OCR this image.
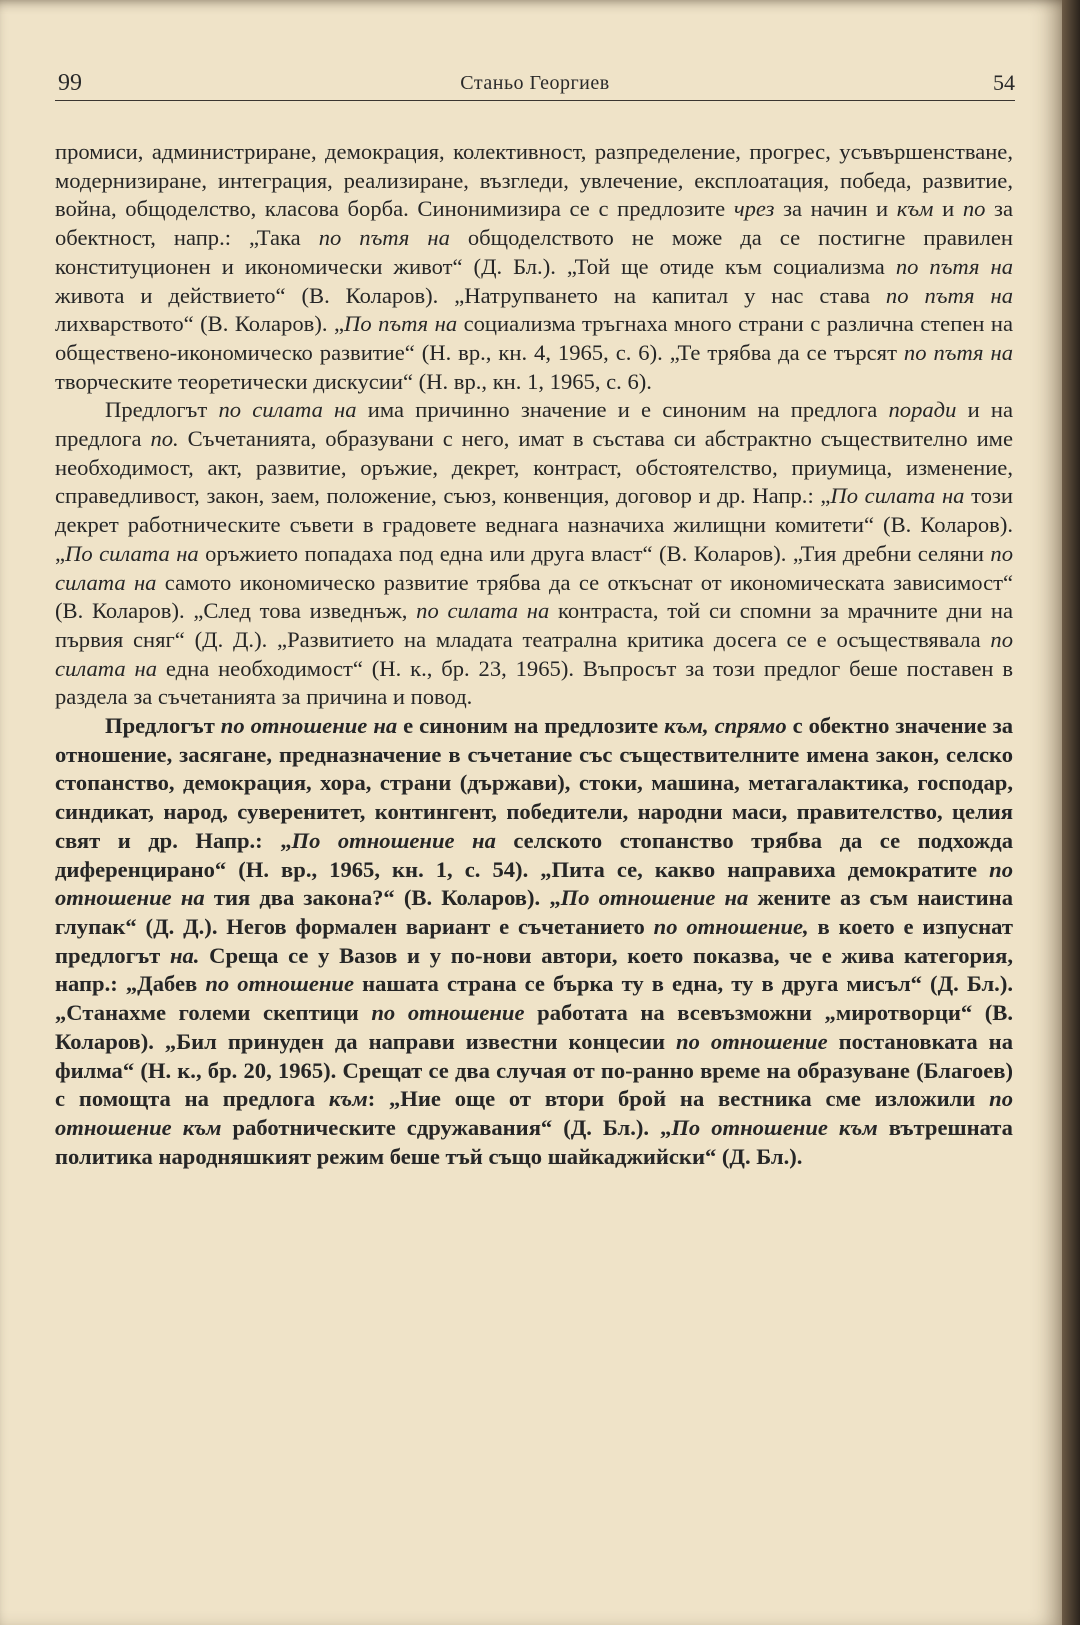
99	Станьо Георгиев	54

промиси, администриране, демокрация, колективност, разпределение, прогрес, усъвършенстване, модернизиране, интеграция, реализиране, възгледи, увлечение, експлоатация, победа, развитие, война, общоделство, класова борба. Синонимизира се с предлозите чрез за начин и към и по за обектност, напр.: „Така по пътя на общоделството не може да се постигне правилен конституционен и икономически живот“ (Д. Бл.). „Той ще отиде към социализма по пътя на живота и действието“ (В. Коларов). „Натрупването на капитал у нас става по пътя на лихварството“ (В. Коларов). „По пътя на социализма тръгнаха много страни с различна степен на обществено-икономическо развитие“ (Н. вр., кн. 4, 1965, с. 6). „Те трябва да се търсят по пътя на творческите теоретически дискусии“ (Н. вр., кн. 1, 1965, с. 6).

Предлогът по силата на има причинно значение и е синоним на предлога поради и на предлога по. Съчетанията, образувани с него, имат в състава си абстрактно съществително име необходимост, акт, развитие, оръжие, декрет, контраст, обстоятелство, приумица, изменение, справедливост, закон, заем, положение, съюз, конвенция, договор и др. Напр.: „По силата на този декрет работническите съвети в градовете веднага назначиха жилищни комитети“ (В. Коларов). „По силата на оръжието попадаха под една или друга власт“ (В. Коларов). „Тия дребни селяни по силата на самото икономическо развитие трябва да се откъснат от икономическата зависимост“ (В. Коларов). „След това изведнъж, по силата на контраста, той си спомни за мрачните дни на първия сняг“ (Д. Д.). „Развитието на младата театрална критика досега се е осъществявала по силата на една необходимост“ (Н. к., бр. 23, 1965). Въпросът за този предлог беше поставен в раздела за съчетанията за причина и повод.

Предлогът по отношение на е синоним на предлозите към, спрямо с обектно значение за отношение, засягане, предназначение в съчетание със съществителните имена закон, селско стопанство, демокрация, хора, страни (държави), стоки, машина, метагалактика, господар, синдикат, народ, суверенитет, контингент, победители, народни маси, правителство, целия свят и др. Напр.: „По отношение на селското стопанство трябва да се подхожда диференцирано“ (Н. вр., 1965, кн. 1, с. 54). „Пита се, какво направиха демократите по отношение на тия два закона?“ (В. Коларов). „По отношение на жените аз съм наистина глупак“ (Д. Д.). Негов формален вариант е съчетанието по отношение, в което е изпуснат предлогът на. Среща се у Вазов и у по-нови автори, което показва, че е жива категория, напр.: „Дабев по отношение нашата страна се бърка ту в една, ту в друга мисъл“ (Д. Бл.). „Станахме големи скептици по отношение работата на всевъзможни „миротворци“ (В. Коларов). „Бил принуден да направи известни концесии по отношение постановката на филма“ (Н. к., бр. 20, 1965). Срещат се два случая от по-ранно време на образуване (Благоев) с помощта на предлога към: „Ние още от втори брой на вестника сме изложили по отношение към работническите сдружавания“ (Д. Бл.). „По отношение към вътрешната политика народняшкият режим беше тъй също шайкаджийски“ (Д. Бл.).
